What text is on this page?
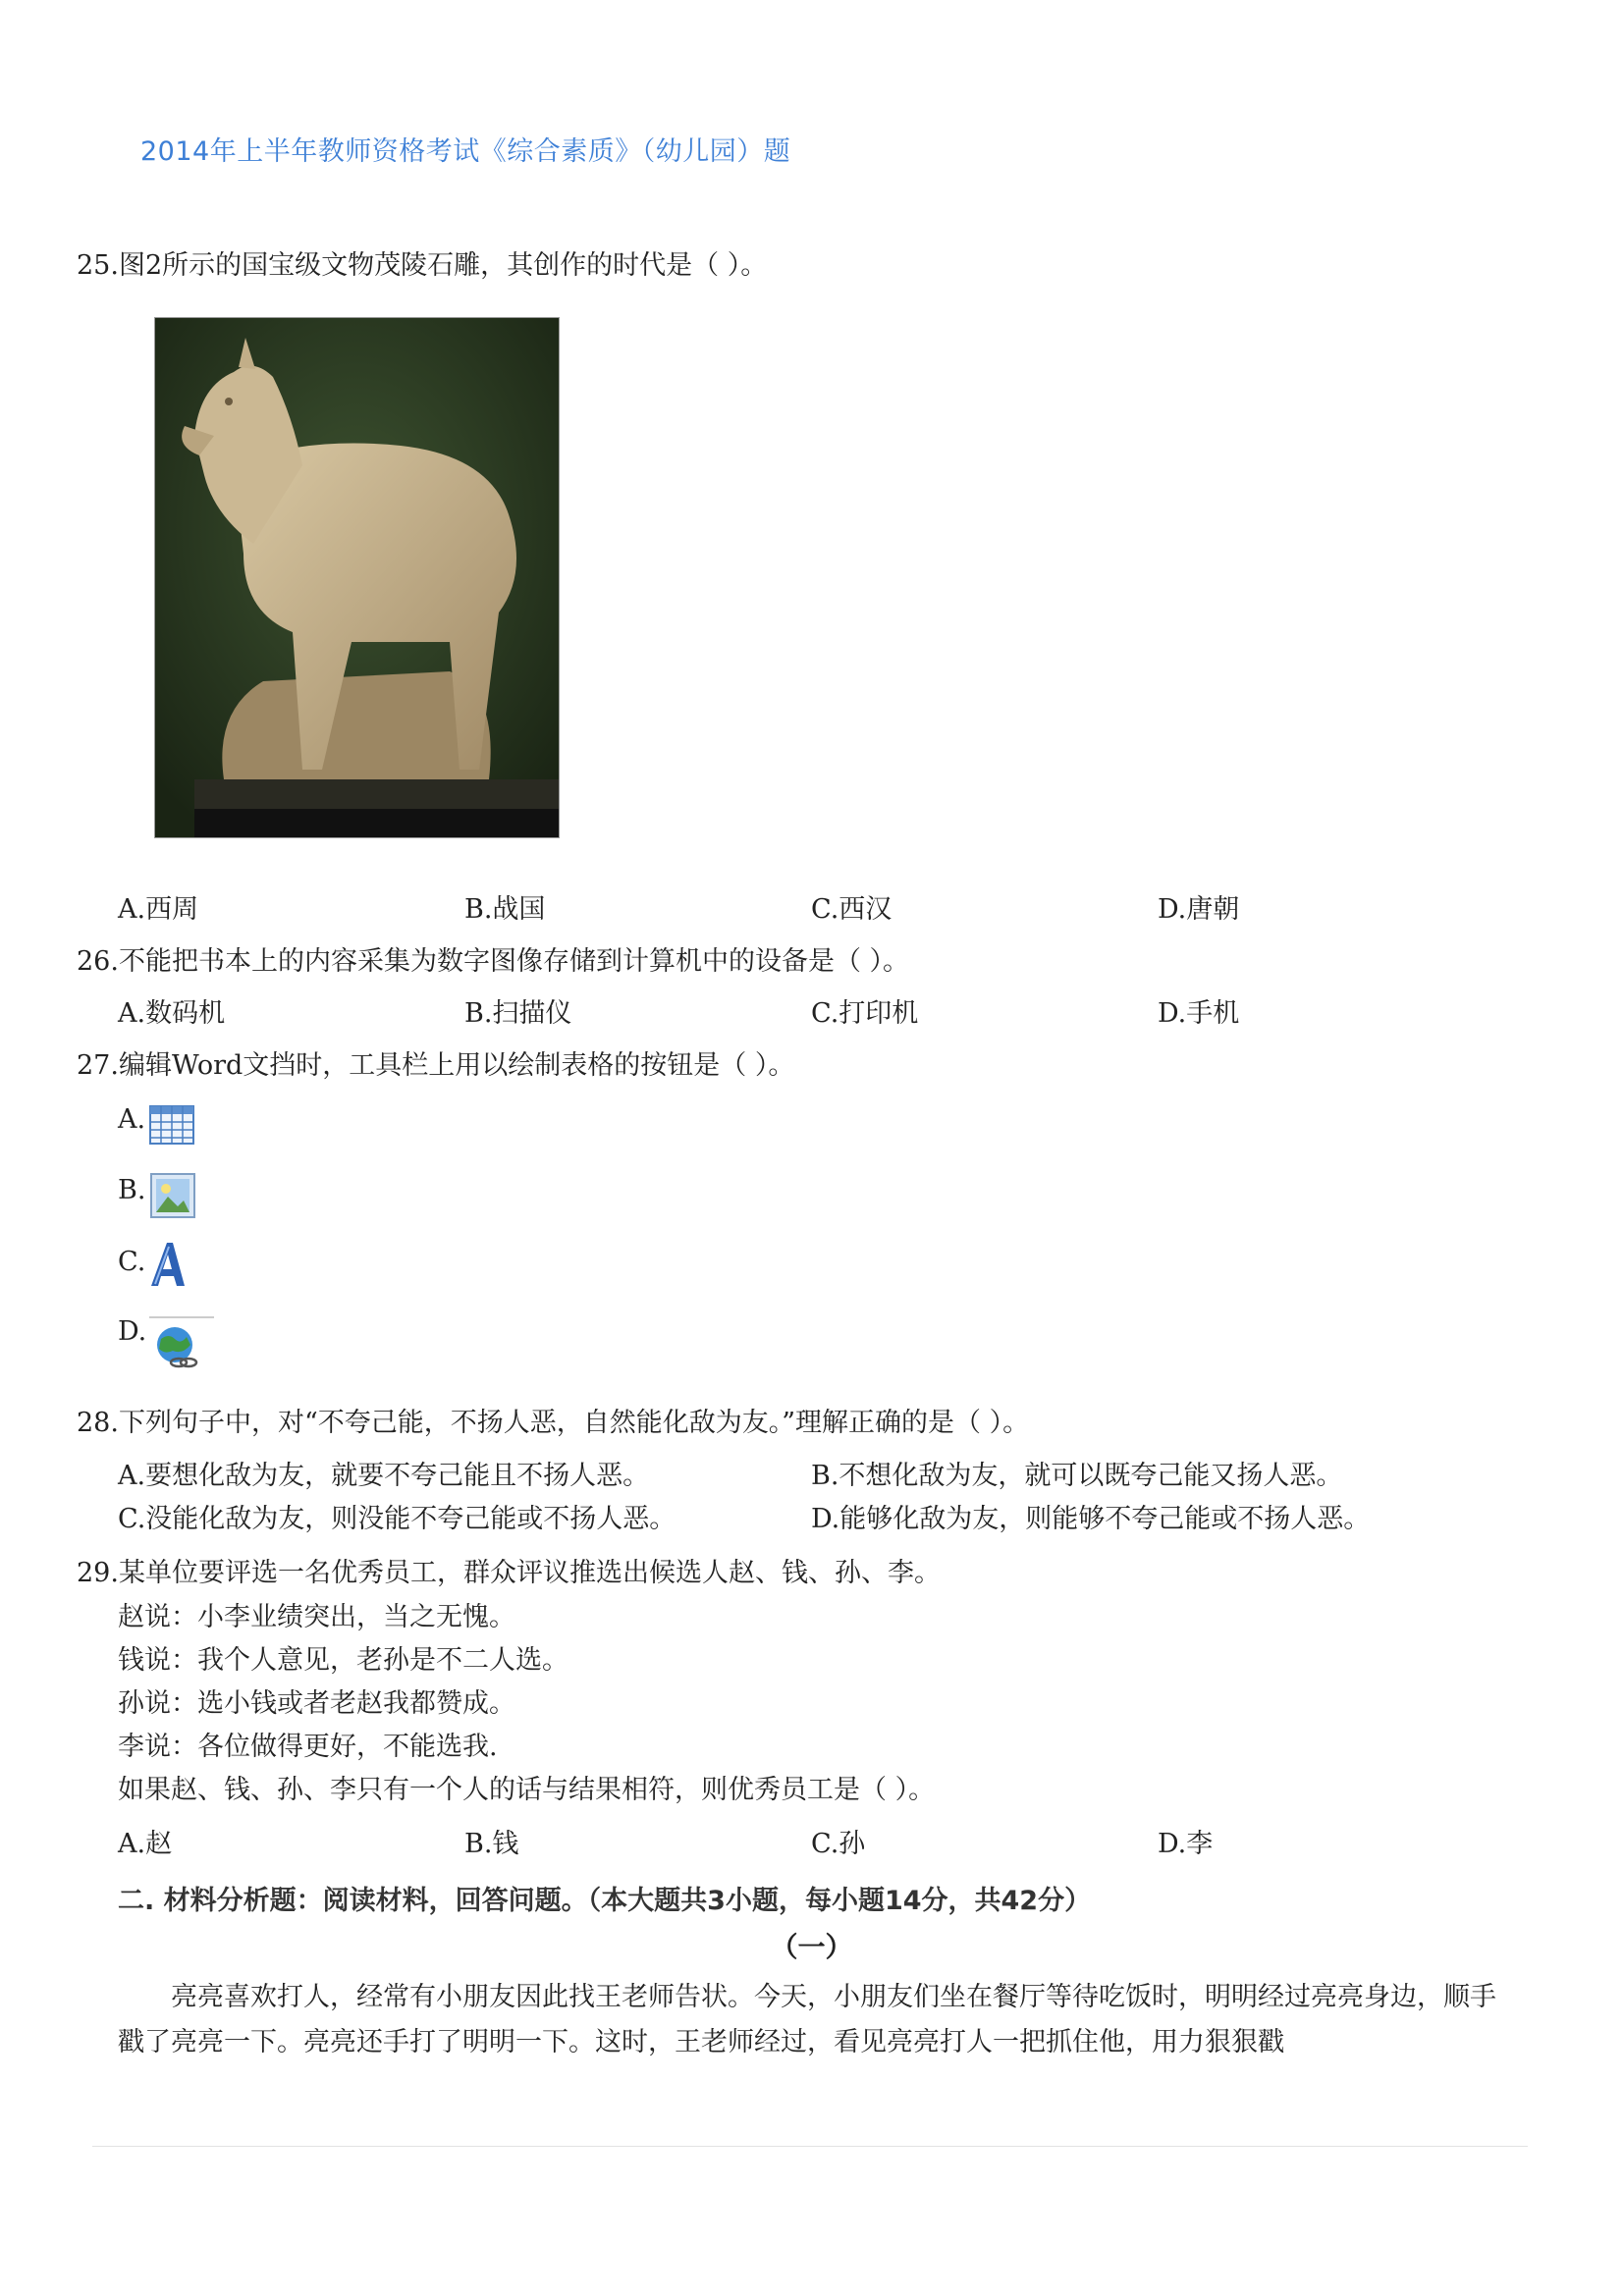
2014年上半年教师资格考试《综合素质》（幼儿园）题
25.图2所示的国宝级文物茂陵石雕，其创作的时代是（ ）。
A.西周	B.战国	C.西汉	D.唐朝
26.不能把书本上的内容采集为数字图像存储到计算机中的设备是（ ）。
A.数码机	B.扫描仪	C.打印机	D.手机
27.编辑Word文挡时，工具栏上用以绘制表格的按钮是（ ）。
A.
B.
C.
D.
28.下列句子中，对“不夸己能，不扬人恶，自然能化敌为友。”理解正确的是（ ）。
A.要想化敌为友，就要不夸己能且不扬人恶。	B.不想化敌为友，就可以既夸己能又扬人恶。
C.没能化敌为友，则没能不夸己能或不扬人恶。	D.能够化敌为友，则能够不夸己能或不扬人恶。
29.某单位要评选一名优秀员工，群众评议推选出候选人赵、钱、孙、李。
赵说：小李业绩突出，当之无愧。
钱说：我个人意见，老孙是不二人选。
孙说：选小钱或者老赵我都赞成。
李说：各位做得更好，不能选我.
如果赵、钱、孙、李只有一个人的话与结果相符，则优秀员工是（ ）。
A.赵	B.钱	C.孙	D.李
二. 材料分析题：阅读材料，回答问题。（本大题共3小题，每小题14分，共42分）
（一）

　　亮亮喜欢打人，经常有小朋友因此找王老师告状。今天，小朋友们坐在餐厅等待吃饭时，明明经过亮亮身边，顺手戳了亮亮一下。亮亮还手打了明明一下。这时，王老师经过，看见亮亮打人一把抓住他，用力狠狠戳
